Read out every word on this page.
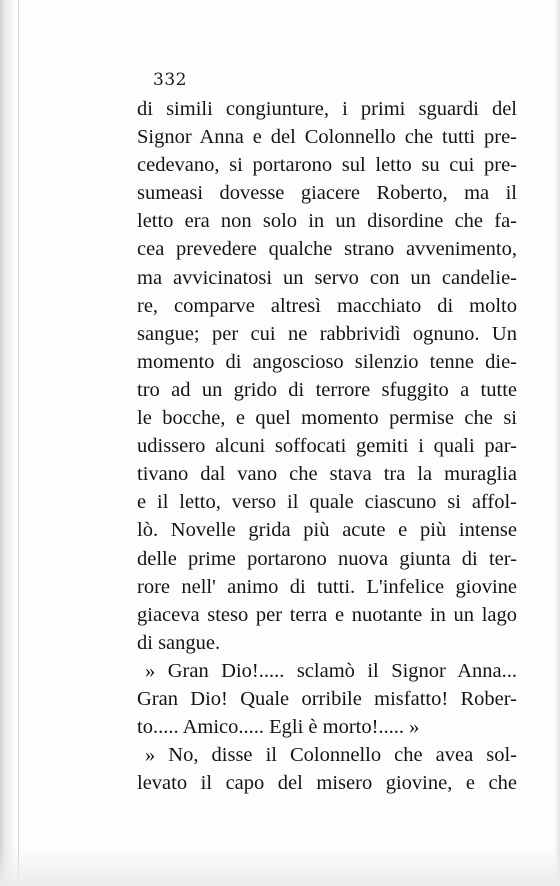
332
di simili congiunture, i primi sguardi del
Signor Anna e del Colonnello che tutti pre-
cedevano, si portarono sul letto su cui pre-
sumeasi dovesse giacere Roberto, ma il
letto era non solo in un disordine che fa-
cea prevedere qualche strano avvenimento,
ma avvicinatosi un servo con un candelie-
re, comparve altresì macchiato di molto
sangue; per cui ne rabbrividì ognuno. Un
momento di angoscioso silenzio tenne die-
tro ad un grido di terrore sfuggito a tutte
le bocche, e quel momento permise che si
udissero alcuni soffocati gemiti i quali par-
tivano dal vano che stava tra la muraglia
e il letto, verso il quale ciascuno si affol-
lò. Novelle grida più acute e più intense
delle prime portarono nuova giunta di ter-
rore nell' animo di tutti. L'infelice giovine
giaceva steso per terra e nuotante in un lago
di sangue.
» Gran Dio!..... sclamò il Signor Anna...
Gran Dio! Quale orribile misfatto! Rober-
to..... Amico..... Egli è morto!..... »
» No, disse il Colonnello che avea sol-
levato il capo del misero giovine, e che
